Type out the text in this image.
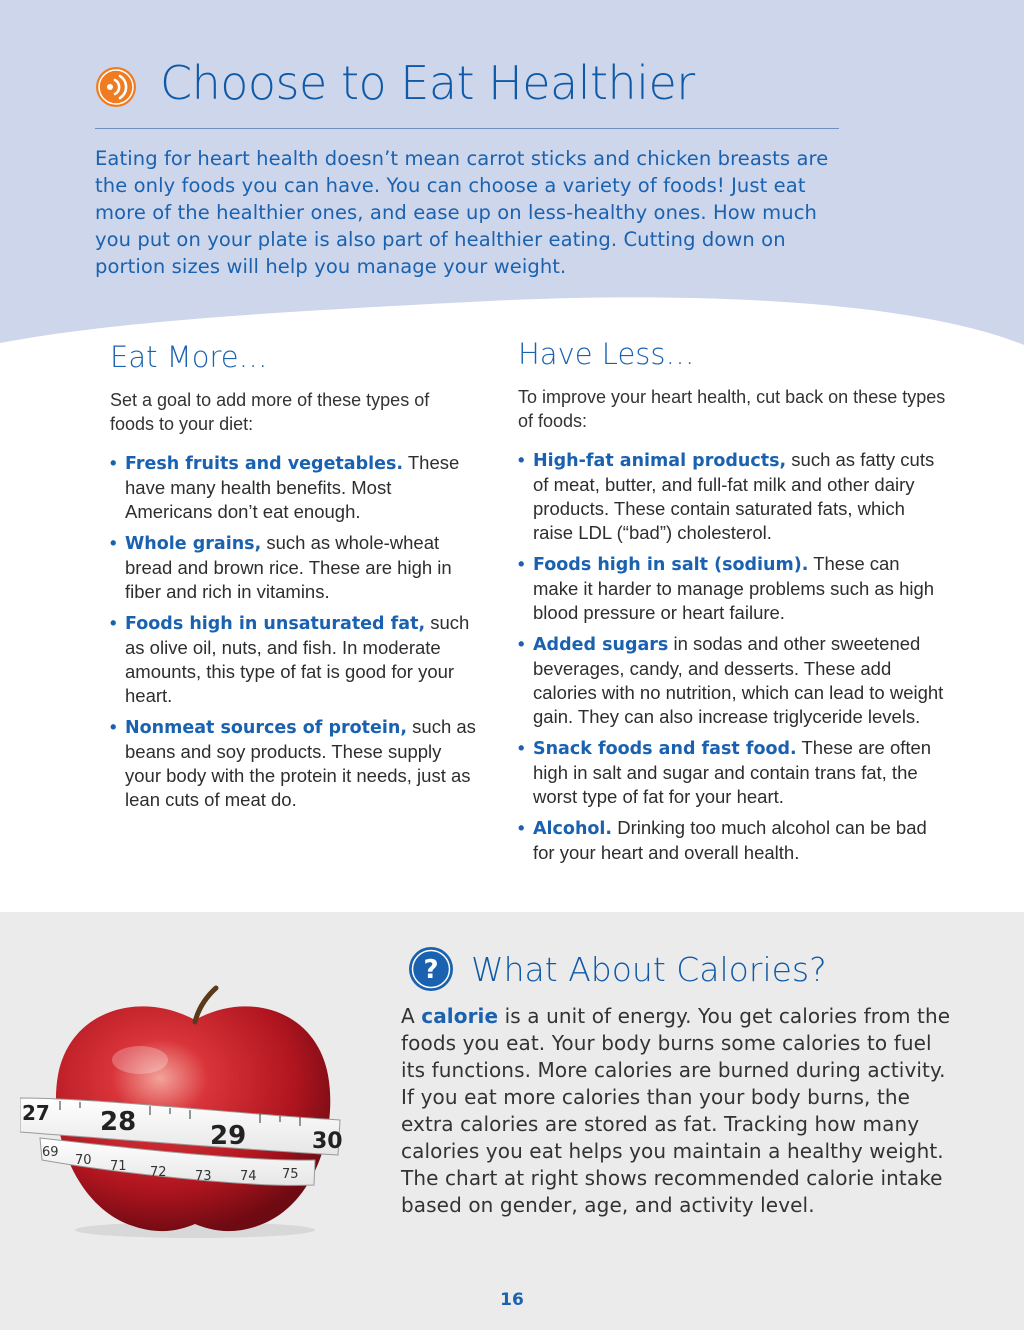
Choose to Eat Healthier

Eating for heart health doesn’t mean carrot sticks and chicken breasts are the only foods you can have. You can choose a variety of foods! Just eat more of the healthier ones, and ease up on less-healthy ones. How much you put on your plate is also part of healthier eating. Cutting down on portion sizes will help you manage your weight.

Eat More…

Set a goal to add more of these types of foods to your diet:

• Fresh fruits and vegetables. These have many health benefits. Most Americans don’t eat enough.
• Whole grains, such as whole-wheat bread and brown rice. These are high in fiber and rich in vitamins.
• Foods high in unsaturated fat, such as olive oil, nuts, and fish. In moderate amounts, this type of fat is good for your heart.
• Nonmeat sources of protein, such as beans and soy products. These supply your body with the protein it needs, just as lean cuts of meat do.
Have Less…

To improve your heart health, cut back on these types of foods:

• High-fat animal products, such as fatty cuts of meat, butter, and full-fat milk and other dairy products. These contain saturated fats, which raise LDL (“bad”) cholesterol.
• Foods high in salt (sodium). These can make it harder to manage problems such as high blood pressure or heart failure.
• Added sugars in sodas and other sweetened beverages, candy, and desserts. These add calories with no nutrition, which can lead to weight gain. They can also increase triglyceride levels.
• Snack foods and fast food. These are often high in salt and sugar and contain trans fat, the worst type of fat for your heart.
• Alcohol. Drinking too much alcohol can be bad for your heart and overall health.
27 28	29	30
69
70 71 72 73 74 75
? What About Calories?

A calorie is a unit of energy. You get calories from the foods you eat. Your body burns some calories to fuel its functions. More calories are burned during activity. If you eat more calories than your body burns, the extra calories are stored as fat. Tracking how many calories you eat helps you maintain a healthy weight. The chart at right shows recommended calorie intake based on gender, age, and activity level.

16
